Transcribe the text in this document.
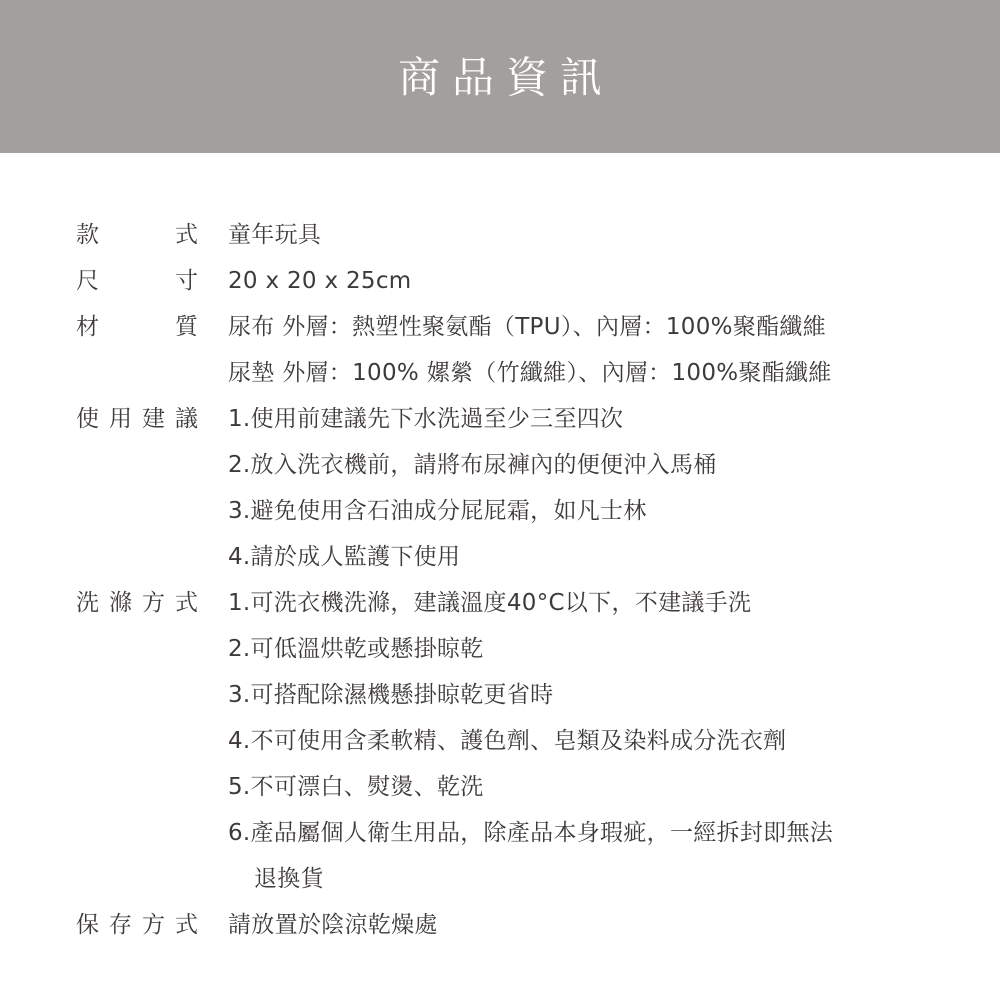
商品資訊
款式 童年玩具
尺寸 20 x 20 x 25cm
材質 尿布 外層：熱塑性聚氨酯（TPU）、內層：100%聚酯纖維
尿墊 外層：100% 嫘縈（竹纖維）、內層：100%聚酯纖維
使用建議 1.使用前建議先下水洗過至少三至四次
2.放入洗衣機前，請將布尿褲內的便便沖入馬桶
3.避免使用含石油成分屁屁霜，如凡士林
4.請於成人監護下使用
洗滌方式 1.可洗衣機洗滌，建議溫度40°C以下，不建議手洗
2.可低溫烘乾或懸掛晾乾
3.可搭配除濕機懸掛晾乾更省時
4.不可使用含柔軟精、護色劑、皂類及染料成分洗衣劑
5.不可漂白、熨燙、乾洗
6.產品屬個人衛生用品，除產品本身瑕疵，一經拆封即無法
退換貨
保存方式 請放置於陰涼乾燥處
